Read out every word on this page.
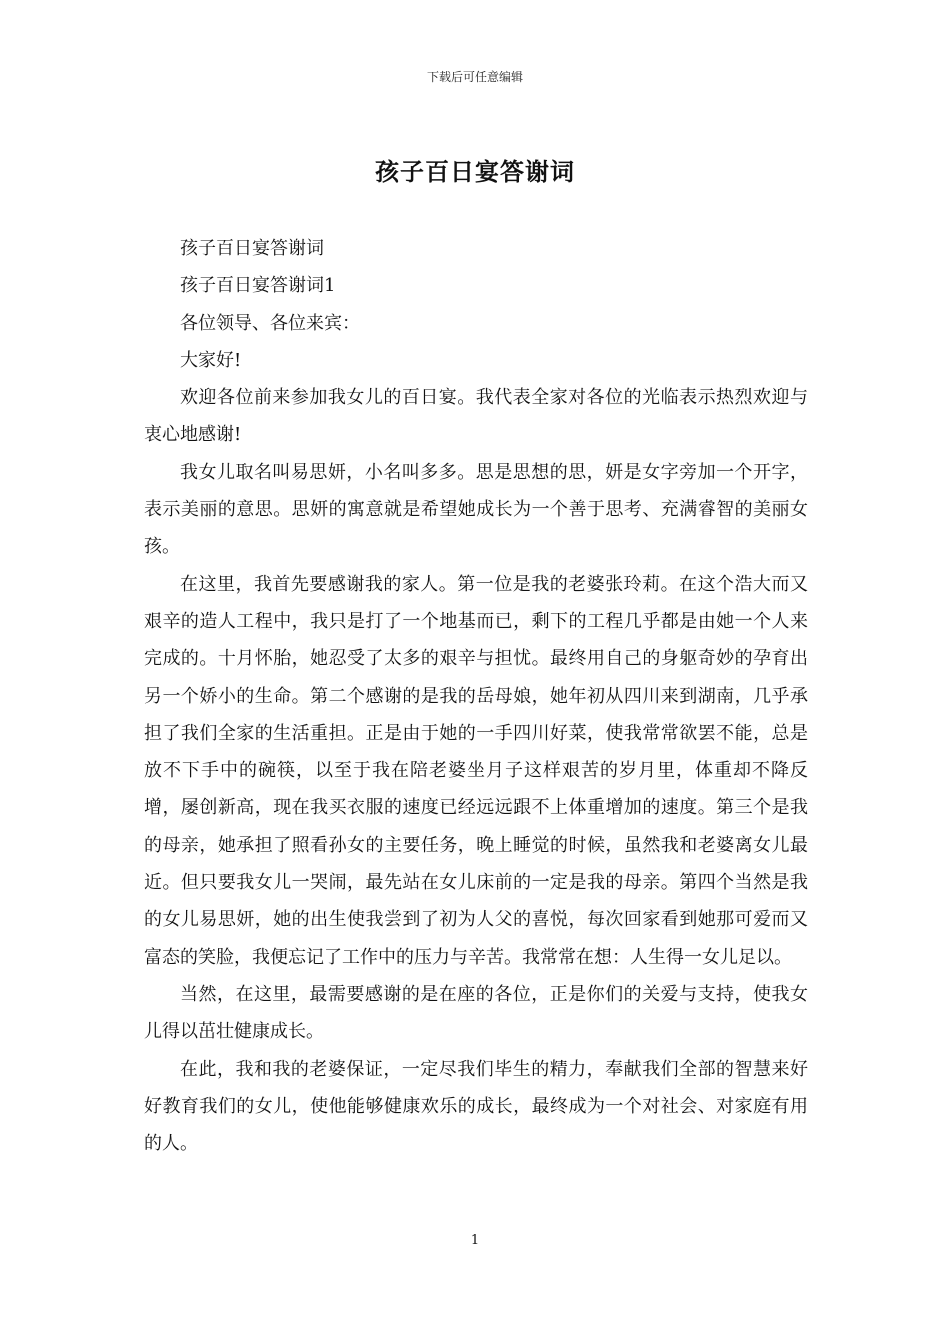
下载后可任意编辑
孩子百日宴答谢词

孩子百日宴答谢词

孩子百日宴答谢词1

各位领导、各位来宾：

大家好!

欢迎各位前来参加我女儿的百日宴。我代表全家对各位的光临表示热烈欢迎与衷心地感谢!

我女儿取名叫易思妍，小名叫多多。思是思想的思，妍是女字旁加一个开字，表示美丽的意思。思妍的寓意就是希望她成长为一个善于思考、充满睿智的美丽女孩。

在这里，我首先要感谢我的家人。第一位是我的老婆张玲莉。在这个浩大而又艰辛的造人工程中，我只是打了一个地基而已，剩下的工程几乎都是由她一个人来完成的。十月怀胎，她忍受了太多的艰辛与担忧。最终用自己的身躯奇妙的孕育出另一个娇小的生命。第二个感谢的是我的岳母娘，她年初从四川来到湖南，几乎承担了我们全家的生活重担。正是由于她的一手四川好菜，使我常常欲罢不能，总是放不下手中的碗筷，以至于我在陪老婆坐月子这样艰苦的岁月里，体重却不降反增，屡创新高，现在我买衣服的速度已经远远跟不上体重增加的速度。第三个是我的母亲，她承担了照看孙女的主要任务，晚上睡觉的时候，虽然我和老婆离女儿最近。但只要我女儿一哭闹，最先站在女儿床前的一定是我的母亲。第四个当然是我的女儿易思妍，她的出生使我尝到了初为人父的喜悦，每次回家看到她那可爱而又富态的笑脸，我便忘记了工作中的压力与辛苦。我常常在想：人生得一女儿足以。

当然，在这里，最需要感谢的是在座的各位，正是你们的关爱与支持，使我女儿得以茁壮健康成长。

在此，我和我的老婆保证，一定尽我们毕生的精力，奉献我们全部的智慧来好好教育我们的女儿，使他能够健康欢乐的成长，最终成为一个对社会、对家庭有用的人。

1
